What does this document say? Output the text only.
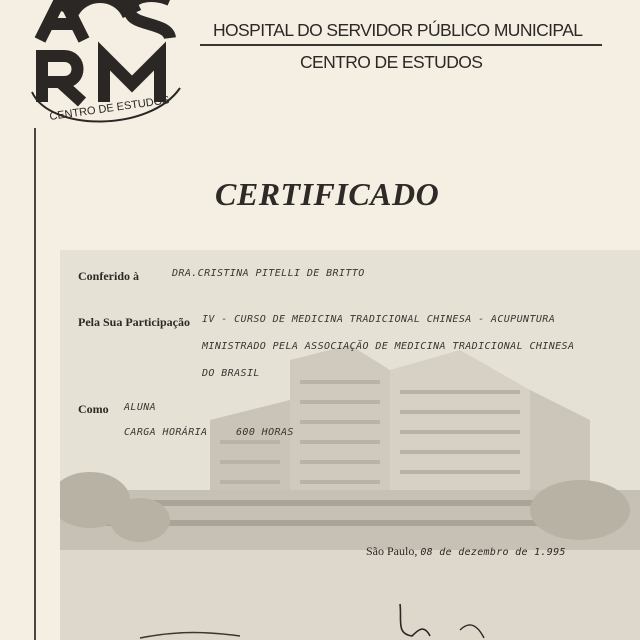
CENTRO DE ESTUDOS
HOSPITAL DO SERVIDOR PÚBLICO MUNICIPAL
CENTRO DE ESTUDOS
CERTIFICADO
Conferido à	DRA.CRISTINA PITELLI DE BRITTO
Pela Sua Participação IV - CURSO DE MEDICINA TRADICIONAL CHINESA - ACUPUNTURA
MINISTRADO PELA ASSOCIAÇÃO DE MEDICINA TRADICIONAL CHINESA
DO BRASIL
Como ALUNA
CARGA HORÁRIA	600 HORAS
São Paulo, 08 de dezembro de 1.995
